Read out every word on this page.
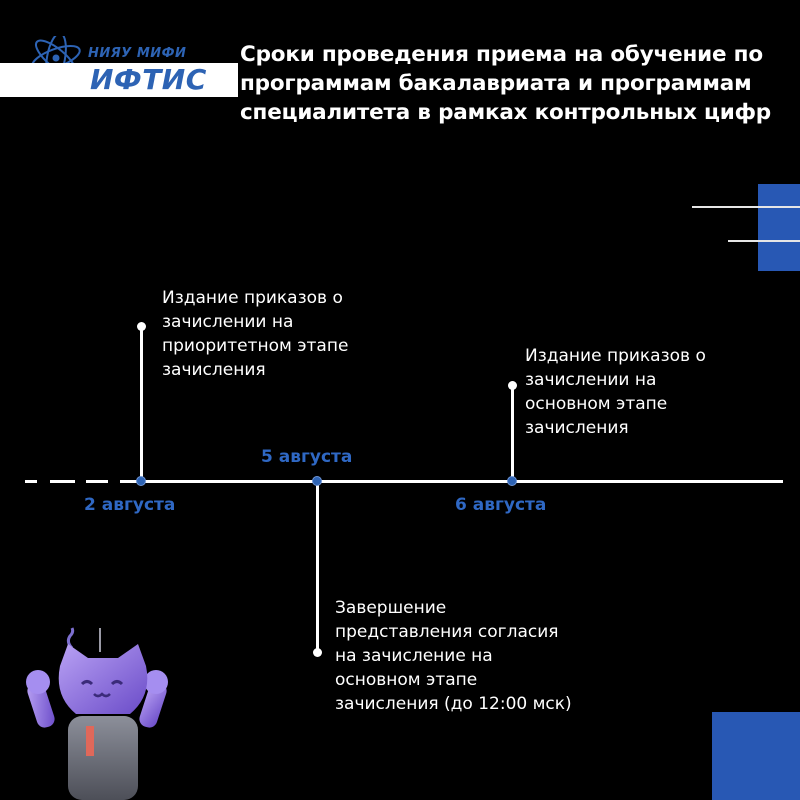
НИЯУ МИФИ
ИФТИС
Сроки проведения приема на обучение по программам бакалавриата и программам специалитета в рамках контрольных цифр
2 августа
Издание приказов о
зачислении на
приоритетном этапе
зачисления
5 августа
Завершение
представления согласия
на зачисление на
основном этапе
зачисления (до 12:00 мск)
6 августа
Издание приказов о
зачислении на
основном этапе
зачисления
